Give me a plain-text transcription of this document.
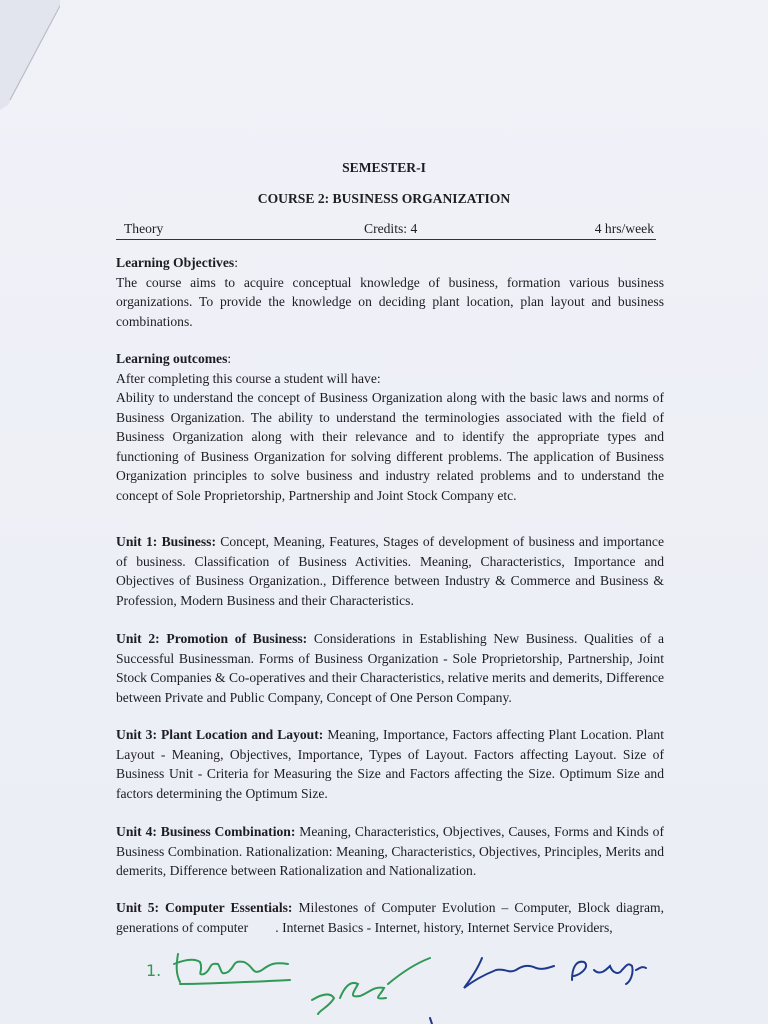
SEMESTER-I
COURSE 2: BUSINESS ORGANIZATION
Theory	Credits: 4	4 hrs/week
Learning Objectives:

The course aims to acquire conceptual knowledge of business, formation various business organizations. To provide the knowledge on deciding plant location, plan layout and business combinations.

Learning outcomes:

After completing this course a student will have:

Ability to understand the concept of Business Organization along with the basic laws and norms of Business Organization. The ability to understand the terminologies associated with the field of Business Organization along with their relevance and to identify the appropriate types and functioning of Business Organization for solving different problems. The application of Business Organization principles to solve business and industry related problems and to understand the concept of Sole Proprietorship, Partnership and Joint Stock Company etc.

Unit 1: Business: Concept, Meaning, Features, Stages of development of business and importance of business. Classification of Business Activities. Meaning, Characteristics, Importance and Objectives of Business Organization., Difference between Industry & Commerce and Business & Profession, Modern Business and their Characteristics.

Unit 2: Promotion of Business: Considerations in Establishing New Business. Qualities of a Successful Businessman. Forms of Business Organization - Sole Proprietorship, Partnership, Joint Stock Companies & Co-operatives and their Characteristics, relative merits and demerits, Difference between Private and Public Company, Concept of One Person Company.

Unit 3: Plant Location and Layout: Meaning, Importance, Factors affecting Plant Location. Plant Layout - Meaning, Objectives, Importance, Types of Layout. Factors affecting Layout. Size of Business Unit - Criteria for Measuring the Size and Factors affecting the Size. Optimum Size and factors determining the Optimum Size.

Unit 4: Business Combination: Meaning, Characteristics, Objectives, Causes, Forms and Kinds of Business Combination. Rationalization: Meaning, Characteristics, Objectives, Principles, Merits and demerits, Difference between Rationalization and Nationalization.

Unit 5: Computer Essentials: Milestones of Computer Evolution – Computer, Block diagram, generations of computer        . Internet Basics - Internet, history, Internet Service Providers,

1.
